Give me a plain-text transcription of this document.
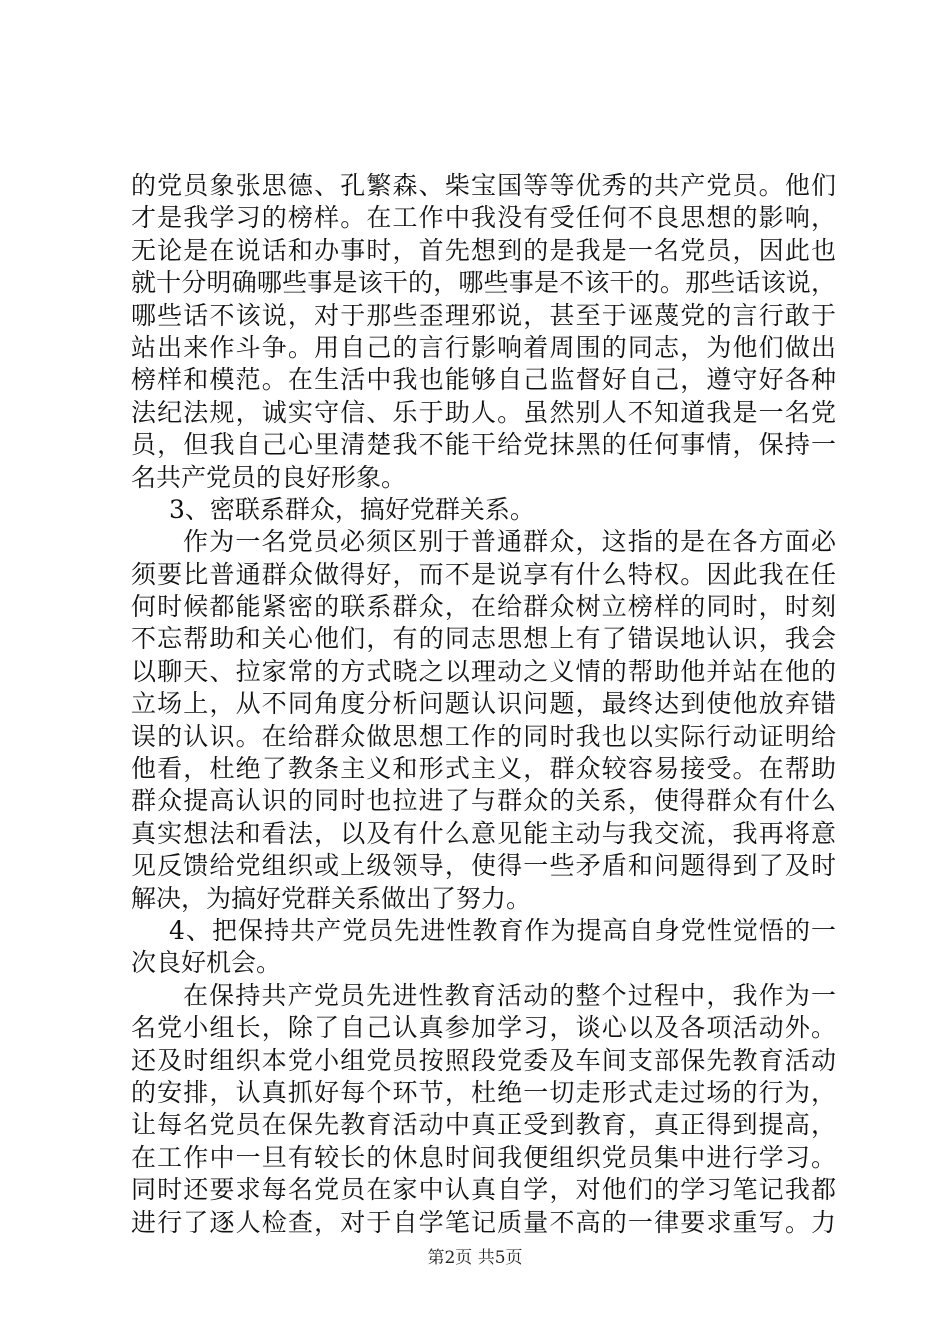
的党员象张思德、孔繁森、柴宝国等等优秀的共产党员。他们
才是我学习的榜样。在工作中我没有受任何不良思想的影响，
无论是在说话和办事时，首先想到的是我是一名党员，因此也
就十分明确哪些事是该干的，哪些事是不该干的。那些话该说，
哪些话不该说，对于那些歪理邪说，甚至于诬蔑党的言行敢于
站出来作斗争。用自己的言行影响着周围的同志，为他们做出
榜样和模范。在生活中我也能够自己监督好自己，遵守好各种
法纪法规，诚实守信、乐于助人。虽然别人不知道我是一名党
员，但我自己心里清楚我不能干给党抹黑的任何事情，保持一
名共产党员的良好形象。
3、密联系群众，搞好党群关系。
作为一名党员必须区别于普通群众，这指的是在各方面必
须要比普通群众做得好，而不是说享有什么特权。因此我在任
何时候都能紧密的联系群众，在给群众树立榜样的同时，时刻
不忘帮助和关心他们，有的同志思想上有了错误地认识，我会
以聊天、拉家常的方式晓之以理动之义情的帮助他并站在他的
立场上，从不同角度分析问题认识问题，最终达到使他放弃错
误的认识。在给群众做思想工作的同时我也以实际行动证明给
他看，杜绝了教条主义和形式主义，群众较容易接受。在帮助
群众提高认识的同时也拉进了与群众的关系，使得群众有什么
真实想法和看法，以及有什么意见能主动与我交流，我再将意
见反馈给党组织或上级领导，使得一些矛盾和问题得到了及时
解决，为搞好党群关系做出了努力。
4、把保持共产党员先进性教育作为提高自身党性觉悟的一
次良好机会。
在保持共产党员先进性教育活动的整个过程中，我作为一
名党小组长，除了自己认真参加学习，谈心以及各项活动外。
还及时组织本党小组党员按照段党委及车间支部保先教育活动
的安排，认真抓好每个环节，杜绝一切走形式走过场的行为，
让每名党员在保先教育活动中真正受到教育，真正得到提高，
在工作中一旦有较长的休息时间我便组织党员集中进行学习。
同时还要求每名党员在家中认真自学，对他们的学习笔记我都
进行了逐人检查，对于自学笔记质量不高的一律要求重写。力
第2页 共5页
